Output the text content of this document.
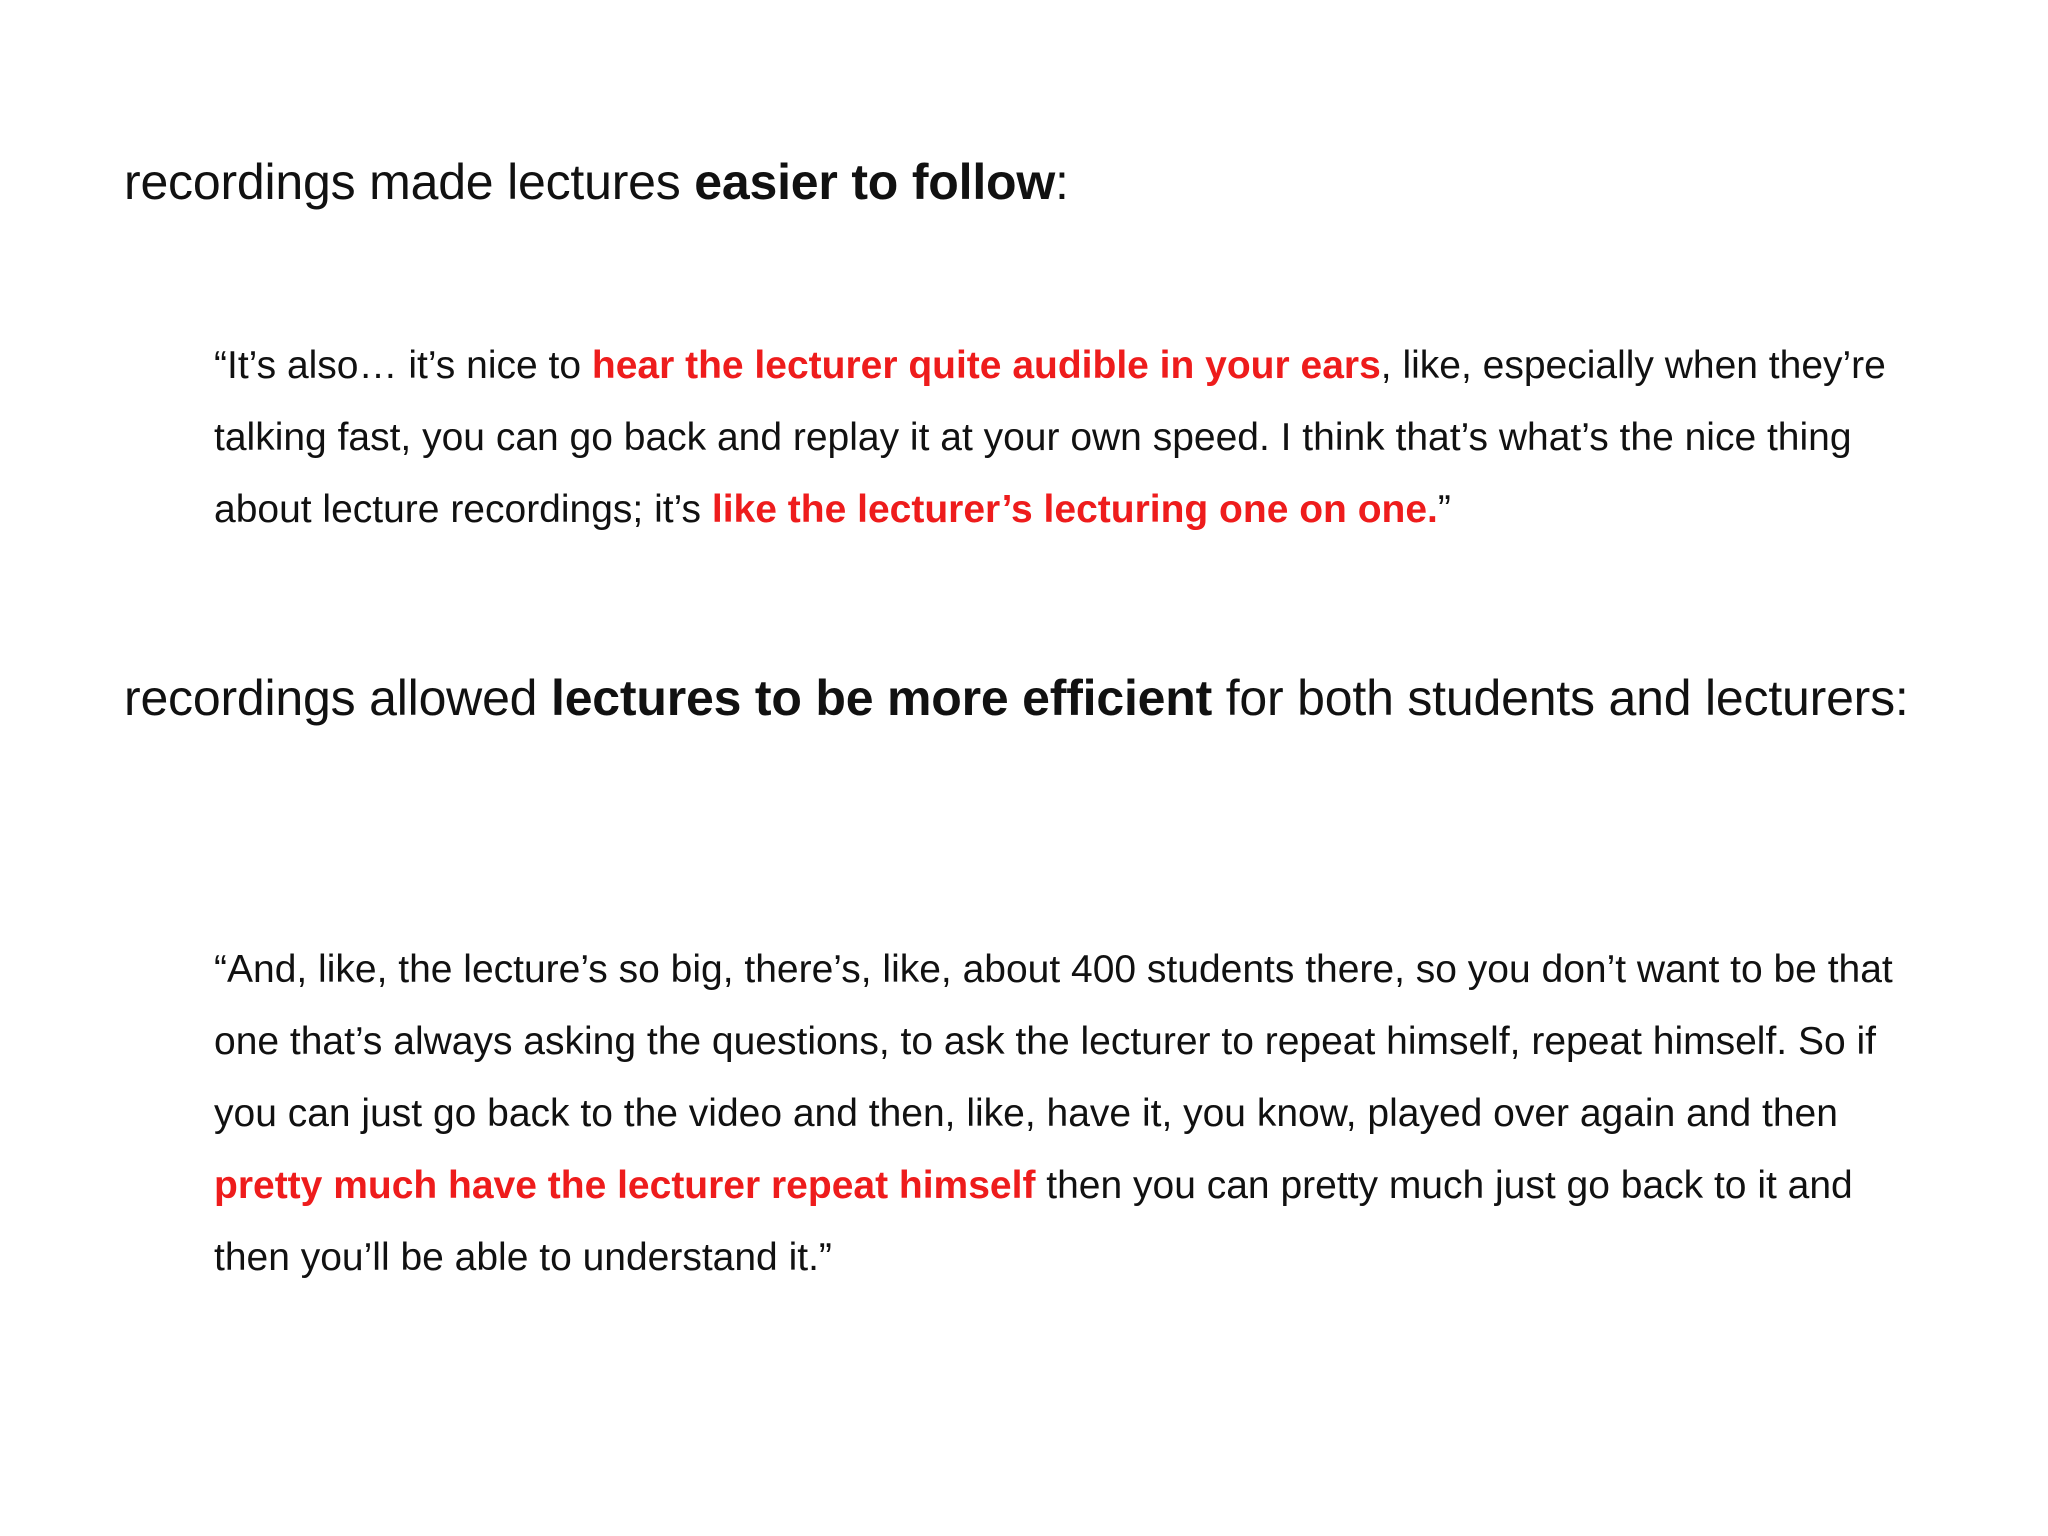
recordings made lectures easier to follow:

“It’s also… it’s nice to hear the lecturer quite audible in your ears, like, especially when they’re talking fast, you can go back and replay it at your own speed. I think that’s what’s the nice thing about lecture recordings; it’s like the lecturer’s lecturing one on one.”

recordings allowed lectures to be more efficient for both students and lecturers:

“And, like, the lecture’s so big, there’s, like, about 400 students there, so you don’t want to be that one that’s always asking the questions, to ask the lecturer to repeat himself, repeat himself. So if you can just go back to the video and then, like, have it, you know, played over again and then pretty much have the lecturer repeat himself then you can pretty much just go back to it and then you’ll be able to understand it.”
